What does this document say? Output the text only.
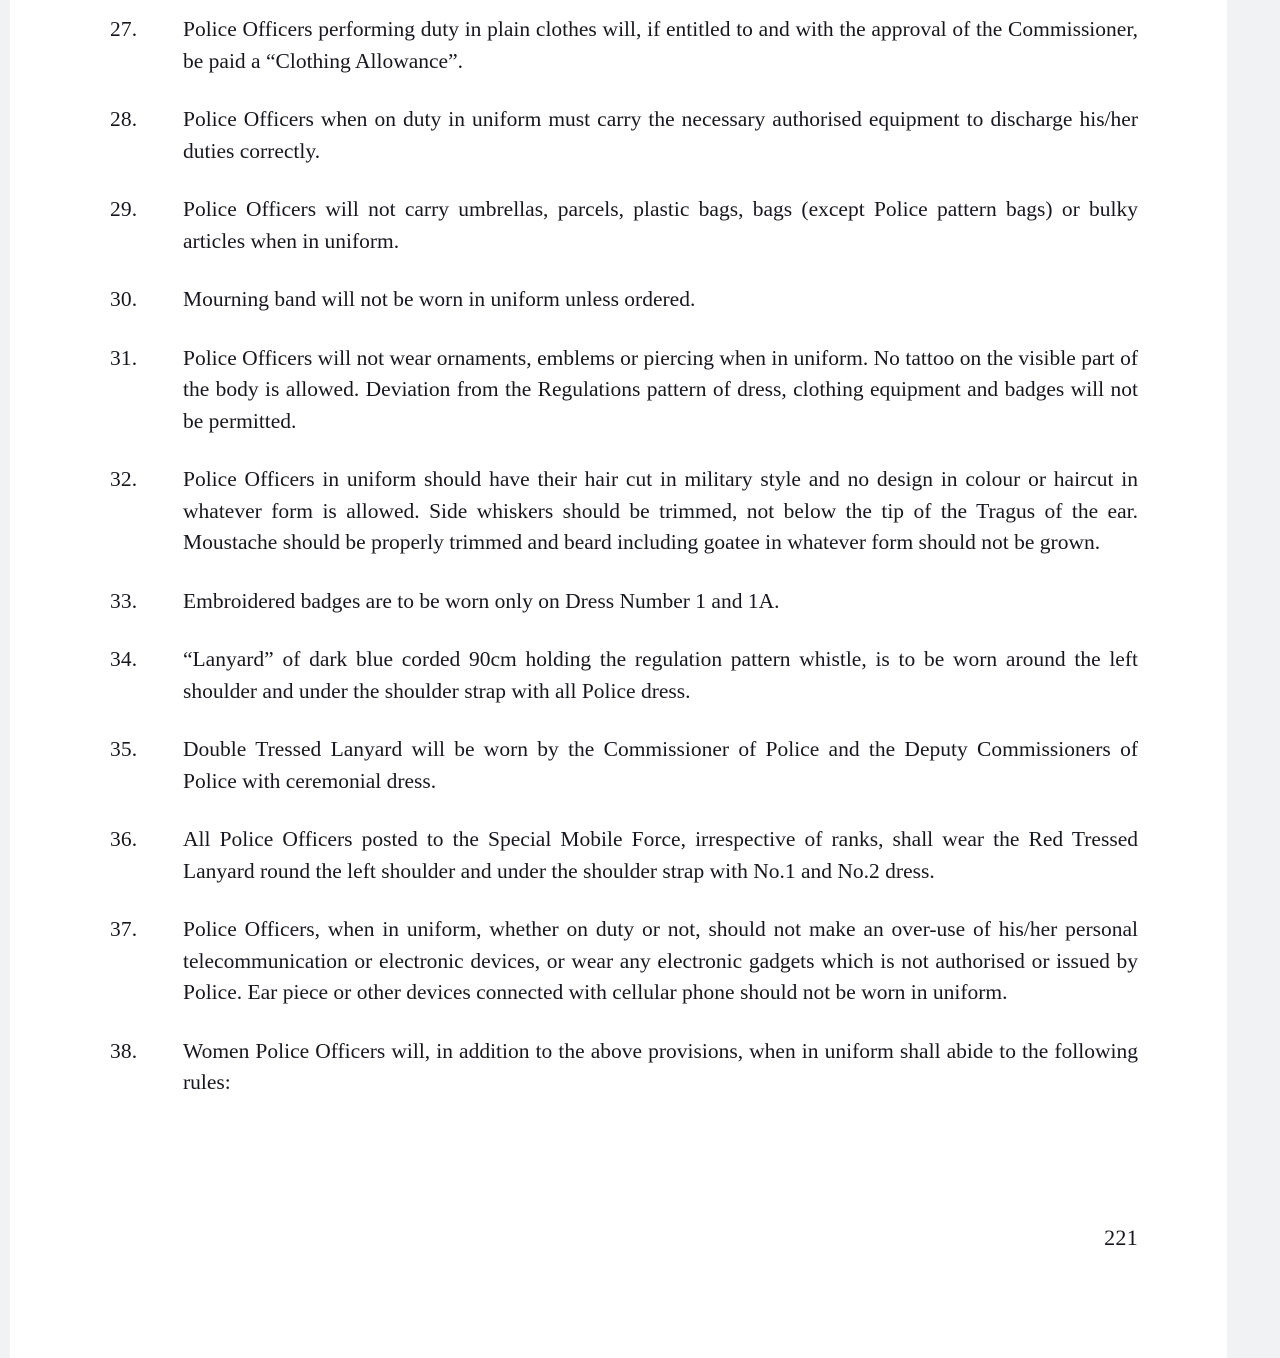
27.	Police Officers performing duty in plain clothes will, if entitled to and with the approval of the Commissioner, be paid a “Clothing Allowance”.
28.	Police Officers when on duty in uniform must carry the necessary authorised equipment to discharge his/her duties correctly.
29.	Police Officers will not carry umbrellas, parcels, plastic bags, bags (except Police pattern bags) or bulky articles when in uniform.
30.	Mourning band will not be worn in uniform unless ordered.
31.	Police Officers will not wear ornaments, emblems or piercing when in uniform. No tattoo on the visible part of the body is allowed. Deviation from the Regulations pattern of dress, clothing equipment and badges will not be permitted.
32.	Police Officers in uniform should have their hair cut in military style and no design in colour or haircut in whatever form is allowed. Side whiskers should be trimmed, not below the tip of the Tragus of the ear. Moustache should be properly trimmed and beard including goatee in whatever form should not be grown.
33.	Embroidered badges are to be worn only on Dress Number 1 and 1A.
34.	“Lanyard” of dark blue corded 90cm holding the regulation pattern whistle, is to be worn around the left shoulder and under the shoulder strap with all Police dress.
35.	Double Tressed Lanyard will be worn by the Commissioner of Police and the Deputy Commissioners of Police with ceremonial dress.
36.	All Police Officers posted to the Special Mobile Force, irrespective of ranks, shall wear the Red Tressed Lanyard round the left shoulder and under the shoulder strap with No.1 and No.2 dress.
37.	Police Officers, when in uniform, whether on duty or not, should not make an over-use of his/her personal telecommunication or electronic devices, or wear any electronic gadgets which is not authorised or issued by Police. Ear piece or other devices connected with cellular phone should not be worn in uniform.
38.	Women Police Officers will, in addition to the above provisions, when in uniform shall abide to the following rules:
221
